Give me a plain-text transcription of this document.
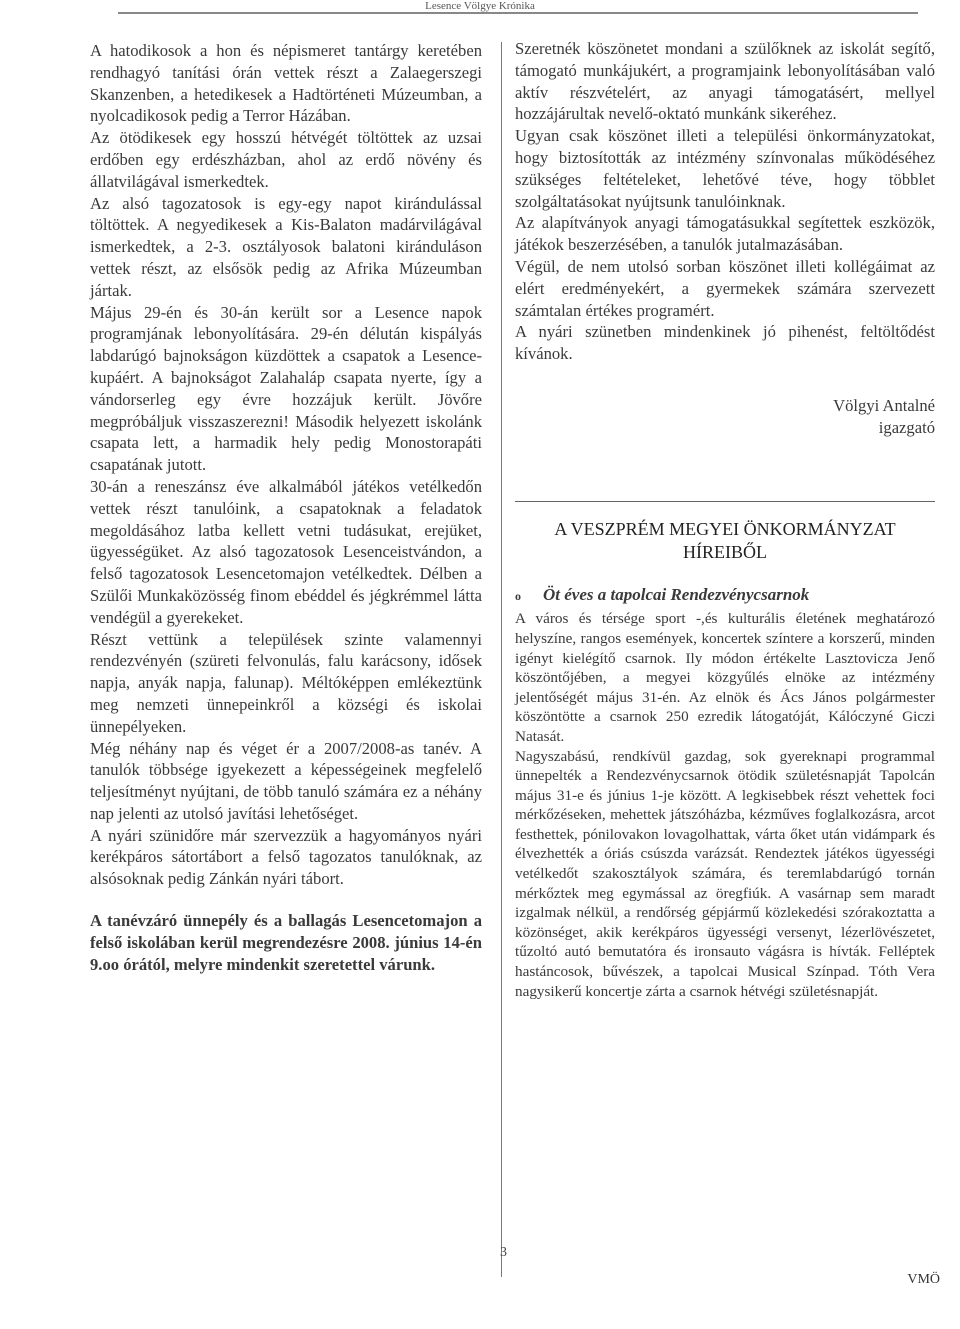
Lesence Völgye Krónika

A hatodikosok a hon és népismeret tantárgy keretében rendhagyó tanítási órán vettek részt a Zalaegerszegi Skanzenben, a hetedikesek a Hadtörténeti Múzeumban, a nyolcadikosok pedig a Terror Házában.

Az ötödikesek egy hosszú hétvégét töltöttek az uzsai erdőben egy erdészházban, ahol az erdő növény és állatvilágával ismerkedtek.

Az alsó tagozatosok is egy-egy napot kirándulással töltöttek. A negyedikesek a Kis-Balaton madárvilágával ismerkedtek, a 2-3. osztályosok balatoni kiránduláson vettek részt, az elsősök pedig az Afrika Múzeumban jártak.

Május 29-én és 30-án került sor a Lesence napok programjának lebonyolítására. 29-én délután kispályás labdarúgó bajnokságon küzdöttek a csapatok a Lesence-kupáért. A bajnokságot Zalahaláp csapata nyerte, így a vándorserleg egy évre hozzájuk került. Jövőre megpróbáljuk visszaszerezni! Második helyezett iskolánk csapata lett, a harmadik hely pedig Monostorapáti csapatának jutott.

30-án a reneszánsz éve alkalmából játékos vetélkedőn vettek részt tanulóink, a csapatoknak a feladatok megoldásához latba kellett vetni tudásukat, erejüket, ügyességüket. Az alsó tagozatosok Lesenceistvándon, a felső tagozatosok Lesencetomajon vetélkedtek. Délben a Szülői Munkaközösség finom ebéddel és jégkrémmel látta vendégül a gyerekeket.

Részt vettünk a települések szinte valamennyi rendezvényén (szüreti felvonulás, falu karácsony, idősek napja, anyák napja, falunap). Méltóképpen emlékeztünk meg nemzeti ünnepeinkről a községi és iskolai ünnepélyeken.

Még néhány nap és véget ér a 2007/2008-as tanév. A tanulók többsége igyekezett a képességeinek megfelelő teljesítményt nyújtani, de több tanuló számára ez a néhány nap jelenti az utolsó javítási lehetőséget.

A nyári szünidőre már szervezzük a hagyományos nyári kerékpáros sátortábort a felső tagozatos tanulóknak, az alsósoknak pedig Zánkán nyári tábort.

A tanévzáró ünnepély és a ballagás Lesencetomajon a felső iskolában kerül megrendezésre 2008. június 14-én 9.oo órától, melyre mindenkit szeretettel várunk.

Szeretnék köszönetet mondani a szülőknek az iskolát segítő, támogató munkájukért, a programjaink lebonyolításában való aktív részvételért, az anyagi támogatásért, mellyel hozzájárultak nevelő-oktató munkánk sikeréhez.

Ugyan csak köszönet illeti a települési önkormányzatokat, hogy biztosították az intézmény színvonalas működéséhez szükséges feltételeket, lehetővé téve, hogy többlet szolgáltatásokat nyújtsunk tanulóinknak.

Az alapítványok anyagi támogatásukkal segítettek eszközök, játékok beszerzésében, a tanulók jutalmazásában.

Végül, de nem utolsó sorban köszönet illeti kollégáimat az elért eredményekért, a gyermekek számára szervezett számtalan értékes programért.

A nyári szünetben mindenkinek jó pihenést, feltöltődést kívánok.

Völgyi Antalné
igazgató

A VESZPRÉM MEGYEI ÖNKORMÁNYZAT HÍREIBŐL

o Öt éves a tapolcai Rendezvénycsarnok

A város és térsége sport -,és kulturális életének meghatározó helyszíne, rangos események, koncertek színtere a korszerű, minden igényt kielégítő csarnok. Ily módon értékelte Lasztovicza Jenő köszöntőjében, a megyei közgyűlés elnöke az intézmény jelentőségét május 31-én. Az elnök és Ács János polgármester köszöntötte a csarnok 250 ezredik látogatóját, Kálóczyné Giczi Natasát.

Nagyszabású, rendkívül gazdag, sok gyereknapi programmal ünnepelték a Rendezvénycsarnok ötödik születésnapját Tapolcán május 31-e és június 1-je között. A legkisebbek részt vehettek foci mérkőzéseken, mehettek játszóházba, kézműves foglalkozásra, arcot festhettek, pónilovakon lovagolhattak, várta őket után vidámpark és élvezhették a óriás csúszda varázsát. Rendeztek játékos ügyességi vetélkedőt szakosztályok számára, és teremlabdarúgó tornán mérkőztek meg egymással az öregfiúk. A vasárnap sem maradt izgalmak nélkül, a rendőrség gépjármű közlekedési szórakoztatta a közönséget, akik kerékpáros ügyességi versenyt, lézerlövészetet, tűzoltó autó bemutatóra és ironsauto vágásra is hívták. Felléptek hastáncosok, bűvészek, a tapolcai Musical Színpad. Tóth Vera nagysikerű koncertje zárta a csarnok hétvégi születésnapját.

3
VMÖ
